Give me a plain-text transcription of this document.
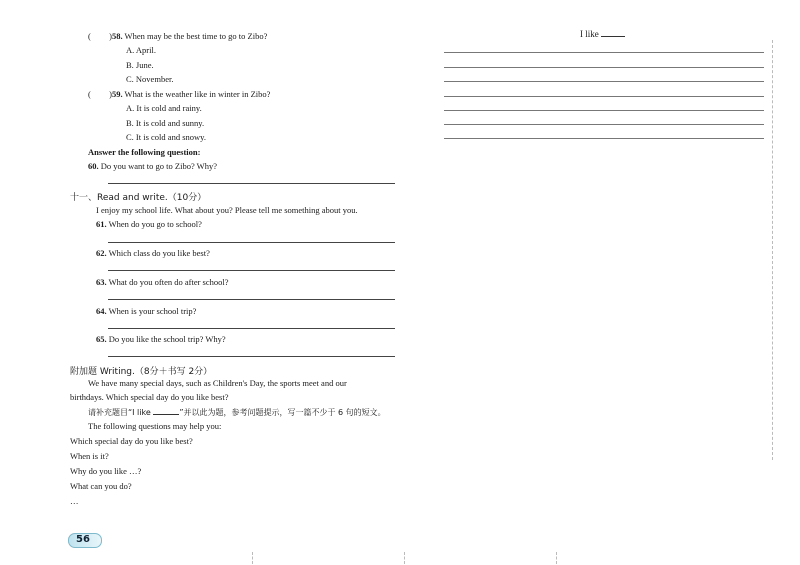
( )58. When may be the best time to go to Zibo?
A. April.
B. June.
C. November.
( )59. What is the weather like in winter in Zibo?
A. It is cold and rainy.
B. It is cold and sunny.
C. It is cold and snowy.
Answer the following question:
60. Do you want to go to Zibo? Why?
十一、Read and write.（10分）
I enjoy my school life. What about you? Please tell me something about you.
61. When do you go to school?
62. Which class do you like best?
63. What do you often do after school?
64. When is your school trip?
65. Do you like the school trip? Why?
附加题 Writing.（8分＋书写 2分）
We have many special days, such as Children's Day, the sports meet and our
birthdays. Which special day do you like best?
请补充题目“I like	”并以此为题，参考问题提示，写一篇不少于 6 句的短文。
The following questions may help you:
Which special day do you like best?
When is it?
Why do you like …?
What can you do?
…
56
I like
